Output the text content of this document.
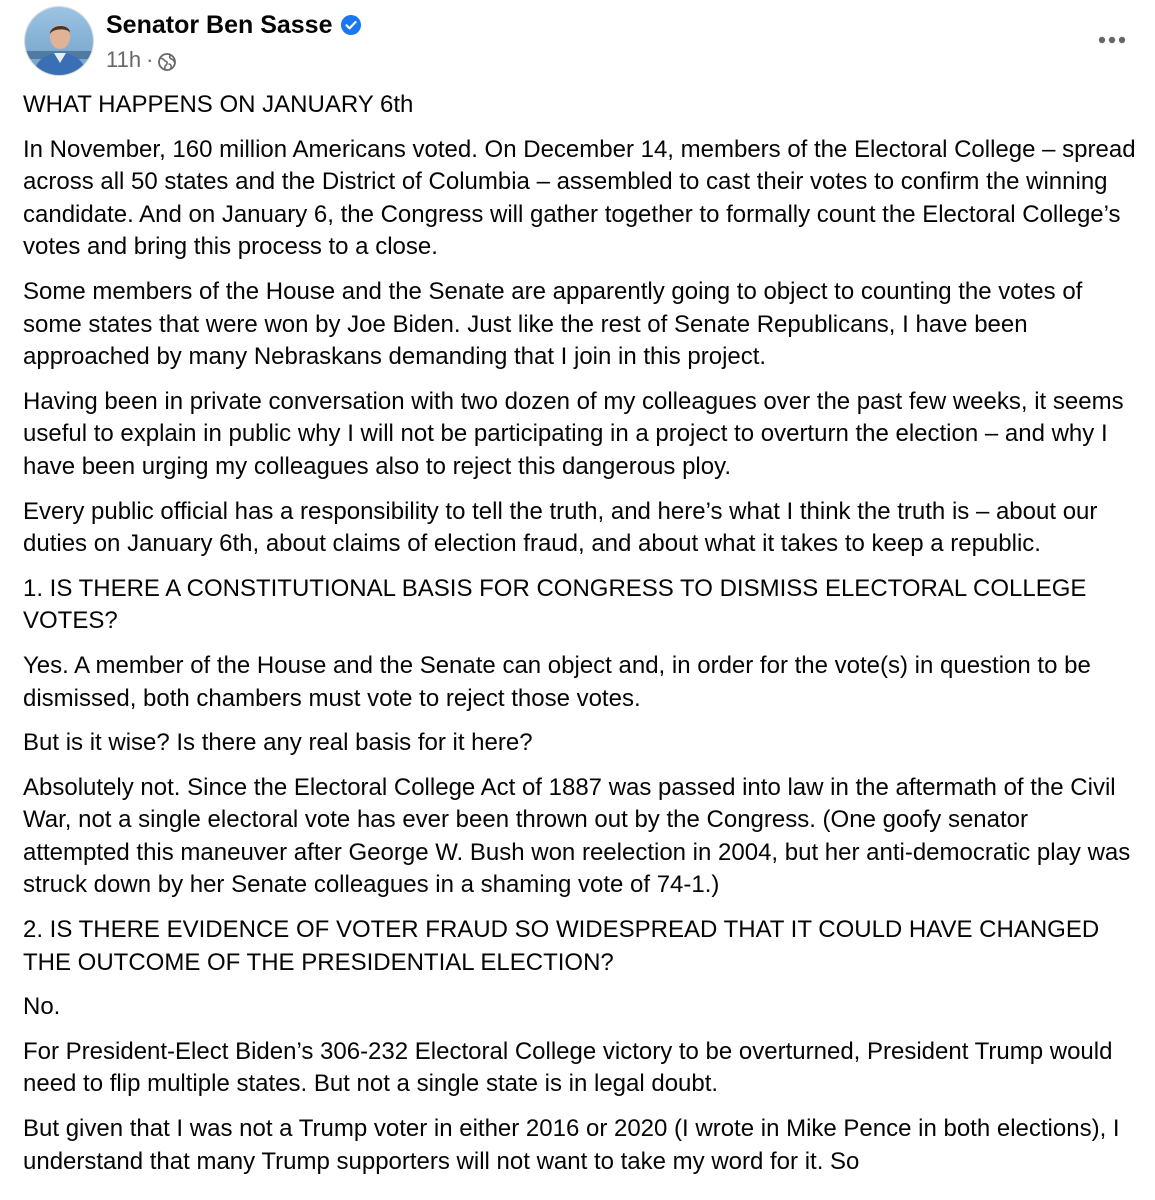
Senator Ben Sasse
11h ·

WHAT HAPPENS ON JANUARY 6th

In November, 160 million Americans voted. On December 14, members of the Electoral College – spread across all 50 states and the District of Columbia – assembled to cast their votes to confirm the winning candidate. And on January 6, the Congress will gather together to formally count the Electoral College’s votes and bring this process to a close.

Some members of the House and the Senate are apparently going to object to counting the votes of some states that were won by Joe Biden. Just like the rest of Senate Republicans, I have been approached by many Nebraskans demanding that I join in this project.

Having been in private conversation with two dozen of my colleagues over the past few weeks, it seems useful to explain in public why I will not be participating in a project to overturn the election – and why I have been urging my colleagues also to reject this dangerous ploy.

Every public official has a responsibility to tell the truth, and here’s what I think the truth is – about our duties on January 6th, about claims of election fraud, and about what it takes to keep a republic.

1. IS THERE A CONSTITUTIONAL BASIS FOR CONGRESS TO DISMISS ELECTORAL COLLEGE VOTES?

Yes. A member of the House and the Senate can object and, in order for the vote(s) in question to be dismissed, both chambers must vote to reject those votes.

But is it wise? Is there any real basis for it here?

Absolutely not. Since the Electoral College Act of 1887 was passed into law in the aftermath of the Civil War, not a single electoral vote has ever been thrown out by the Congress. (One goofy senator attempted this maneuver after George W. Bush won reelection in 2004, but her anti-democratic play was struck down by her Senate colleagues in a shaming vote of 74-1.)

2. IS THERE EVIDENCE OF VOTER FRAUD SO WIDESPREAD THAT IT COULD HAVE CHANGED THE OUTCOME OF THE PRESIDENTIAL ELECTION?

No.

For President-Elect Biden’s 306-232 Electoral College victory to be overturned, President Trump would need to flip multiple states. But not a single state is in legal doubt.

But given that I was not a Trump voter in either 2016 or 2020 (I wrote in Mike Pence in both elections), I understand that many Trump supporters will not want to take my word for it. So
